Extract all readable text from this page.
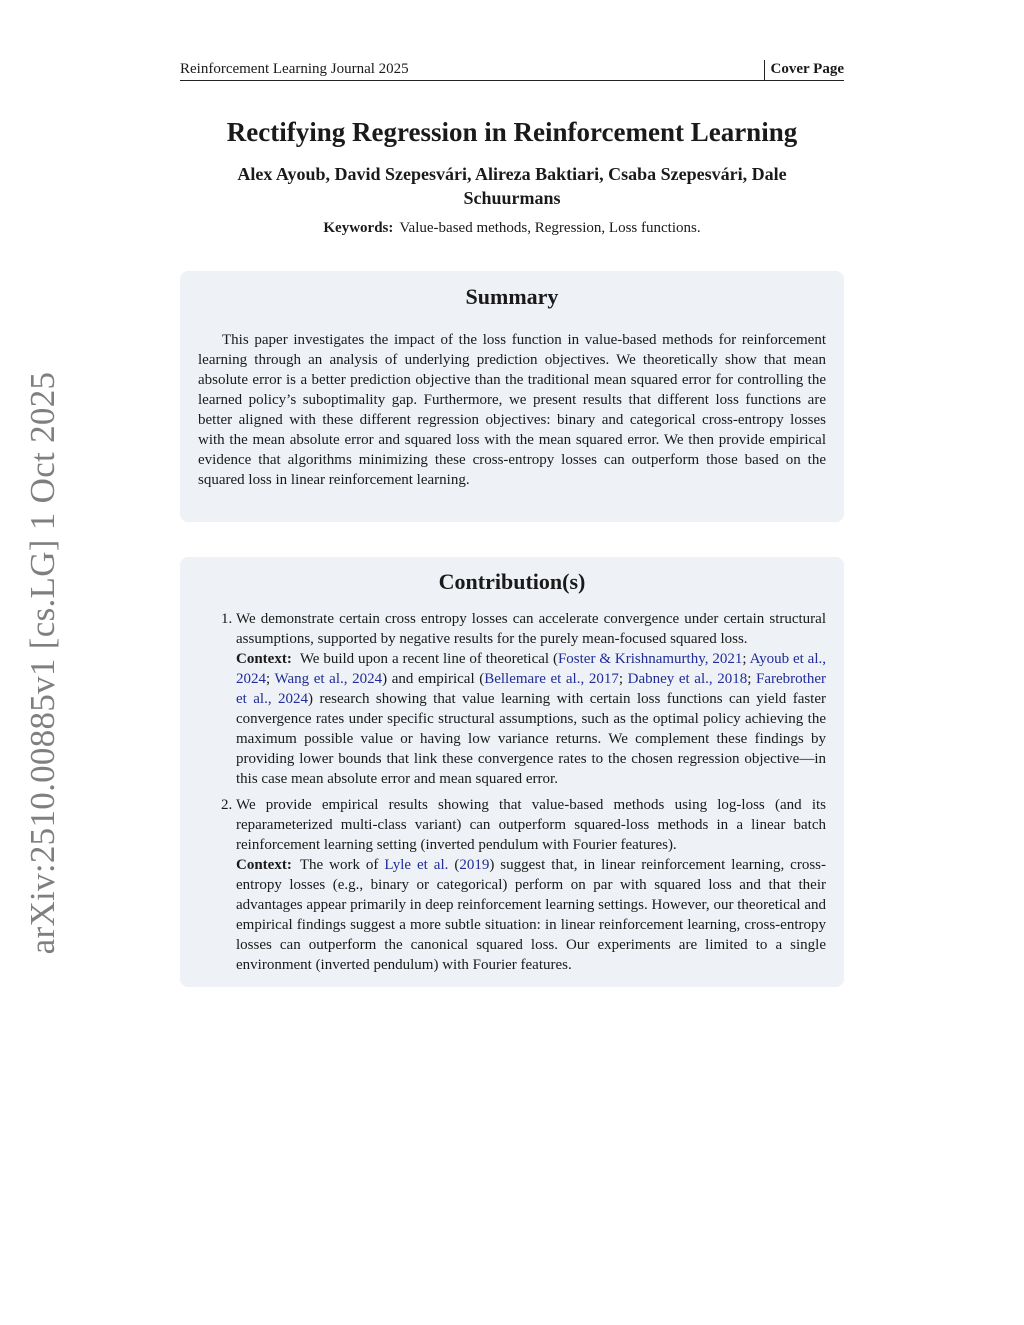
Reinforcement Learning Journal 2025	Cover Page
arXiv:2510.00885v1 [cs.LG] 1 Oct 2025
Rectifying Regression in Reinforcement Learning
Alex Ayoub, David Szepesvári, Alireza Baktiari, Csaba Szepesvári, Dale Schuurmans
Keywords: Value-based methods, Regression, Loss functions.
Summary
This paper investigates the impact of the loss function in value-based methods for reinforcement learning through an analysis of underlying prediction objectives. We theoretically show that mean absolute error is a better prediction objective than the traditional mean squared error for controlling the learned policy’s suboptimality gap. Furthermore, we present results that different loss functions are better aligned with these different regression objectives: binary and categorical cross-entropy losses with the mean absolute error and squared loss with the mean squared error. We then provide empirical evidence that algorithms minimizing these cross-entropy losses can outperform those based on the squared loss in linear reinforcement learning.
Contribution(s)
1. We demonstrate certain cross entropy losses can accelerate convergence under certain structural assumptions, supported by negative results for the purely mean-focused squared loss.
Context: We build upon a recent line of theoretical (Foster & Krishnamurthy, 2021; Ayoub et al., 2024; Wang et al., 2024) and empirical (Bellemare et al., 2017; Dabney et al., 2018; Farebrother et al., 2024) research showing that value learning with certain loss functions can yield faster convergence rates under specific structural assumptions, such as the optimal policy achieving the maximum possible value or having low variance returns. We complement these findings by providing lower bounds that link these convergence rates to the chosen regression objective—in this case mean absolute error and mean squared error.
2. We provide empirical results showing that value-based methods using log-loss (and its reparameterized multi-class variant) can outperform squared-loss methods in a linear batch reinforcement learning setting (inverted pendulum with Fourier features).
Context: The work of Lyle et al. (2019) suggest that, in linear reinforcement learning, cross-entropy losses (e.g., binary or categorical) perform on par with squared loss and that their advantages appear primarily in deep reinforcement learning settings. However, our theoretical and empirical findings suggest a more subtle situation: in linear reinforcement learning, cross-entropy losses can outperform the canonical squared loss. Our experiments are limited to a single environment (inverted pendulum) with Fourier features.
